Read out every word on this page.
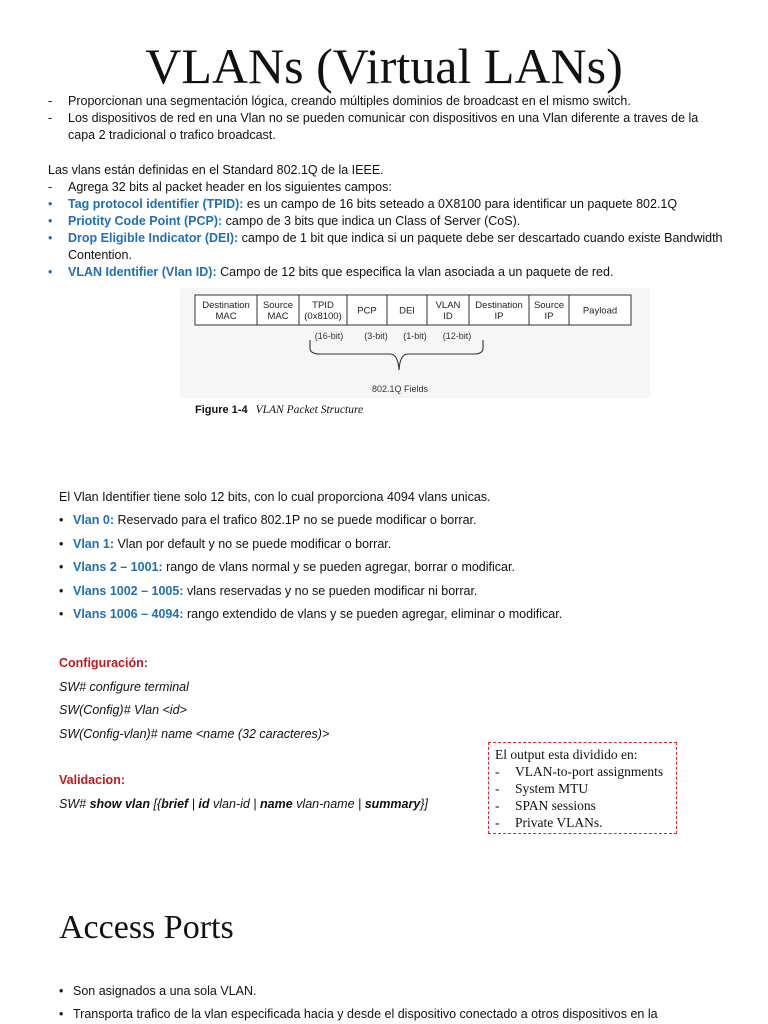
VLANs (Virtual LANs)
-	Proporcionan una segmentación lógica, creando múltiples dominios de broadcast en el mismo switch.
-	Los dispositivos de red en una Vlan no se pueden comunicar con dispositivos en una Vlan diferente a traves de la capa 2 tradicional o trafico broadcast.
Las vlans están definidas en el Standard 802.1Q de la IEEE.
-	Agrega 32 bits al packet header en los siguientes campos:
•	Tag protocol identifier (TPID): es un campo de 16 bits seteado a 0X8100 para identificar un paquete 802.1Q
•	Priotity Code Point (PCP): campo de 3 bits que indica un Class of Server (CoS).
•	Drop Eligible Indicator (DEI): campo de 1 bit que indica si un paquete debe ser descartado cuando existe Bandwidth Contention.
•	VLAN Identifier (Vlan ID): Campo de 12 bits que especifica la vlan asociada a un paquete de red.
Destination MAC
Source MAC
TPID (0x8100) PCP DEI VLAN ID
Destination IP
Source IP	Payload
(16-bit) (3-bit) (1-bit) (12-bit)
802.1Q Fields
Figure 1-4 VLAN Packet Structure
El Vlan Identifier tiene solo 12 bits, con lo cual proporciona 4094 vlans unicas.
• Vlan 0: Reservado para el trafico 802.1P no se puede modificar o borrar.
• Vlan 1: Vlan por default y no se puede modificar o borrar.
• Vlans 2 – 1001: rango de vlans normal y se pueden agregar, borrar o modificar.
• Vlans 1002 – 1005: vlans reservadas y no se pueden modificar ni borrar.
• Vlans 1006 – 4094: rango extendido de vlans y se pueden agregar, eliminar o modificar.
Configuración:
SW# configure terminal
SW(Config)# Vlan <id>
SW(Config-vlan)# name <name (32 caracteres)>
Validacion:
SW# show vlan [{brief | id vlan-id | name vlan-name | summary}]
El output esta dividido en:
-	VLAN-to-port assignments
-	System MTU
-	SPAN sessions
-	Private VLANs.
Access Ports
• Son asignados a una sola VLAN.
• Transporta trafico de la vlan especificada hacia y desde el dispositivo conectado a otros dispositivos en la
